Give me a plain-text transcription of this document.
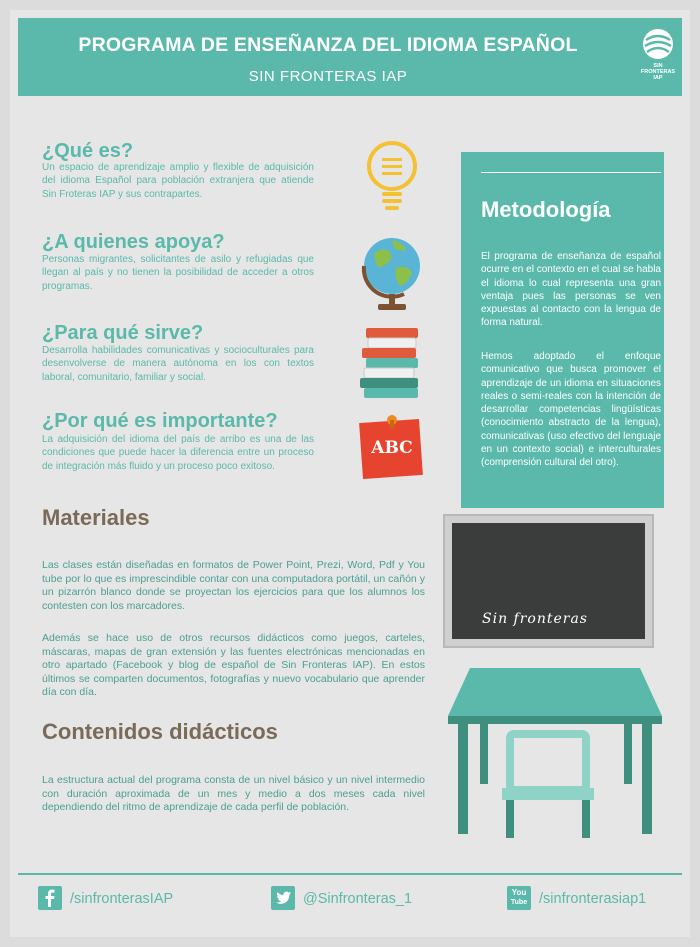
PROGRAMA DE ENSEÑANZA DEL IDIOMA ESPAÑOL
SIN FRONTERAS IAP
SIN
FRONTERAS
IAP
¿Qué es?
Un espacio de aprendizaje amplio y flexible de adquisición del idioma Español para población extranjera que atiende Sin Froteras IAP y sus contrapartes.
¿A quienes apoya?
Personas migrantes, solicitantes de asilo y refugiadas que llegan al país y no tienen la posibilidad de acceder a otros programas.
¿Para qué sirve?
Desarrolla habilidades comunicativas y socioculturales para desenvolverse de manera autónoma en los con textos laboral, comunitario, familiar y social.
¿Por qué es importante?
La adquisición del idioma del país de arribo es una de las condiciones que puede hacer la diferencia entre un proceso de integración más fluido y un proceso poco exitoso.
ABC
Metodología
El programa de enseñanza de español ocurre en el contexto en el cual se habla el idioma lo cual representa una gran ventaja pues las personas se ven expuestas al contacto con la lengua de forma natural.
Hemos adoptado el enfoque comunicativo que busca promover el aprendizaje de un idioma en situaciones reales o semi-reales con la intención de desarrollar competencias lingüísticas (conocimiento abstracto de la lengua), comunicativas (uso efectivo del lenguaje en un contexto social) e interculturales (comprensión cultural del otro).
Materiales
Las clases están diseñadas en formatos de Power Point, Prezi, Word, Pdf y You tube por lo que es imprescindible contar con una computadora portátil, un cañón y un pizarrón blanco donde se proyectan los ejercicios para que los alumnos los contesten con los marcadores.
Además se hace uso de otros recursos didácticos como juegos, carteles, máscaras, mapas de gran extensión y las fuentes electrónicas mencionadas en otro apartado (Facebook y blog de español de Sin Fronteras IAP). En estos últimos se comparten documentos, fotografías y nuevo vocabulario que aprender día con día.
Contenidos didácticos
La estructura actual del programa consta de un nivel básico y un nivel intermedio con duración aproximada de un mes y medio a dos meses cada nivel dependiendo del ritmo de aprendizaje de cada perfil de población.
Sin fronteras
/sinfronterasIAP	@Sinfronteras_1	You
Tube /sinfronterasiap1
